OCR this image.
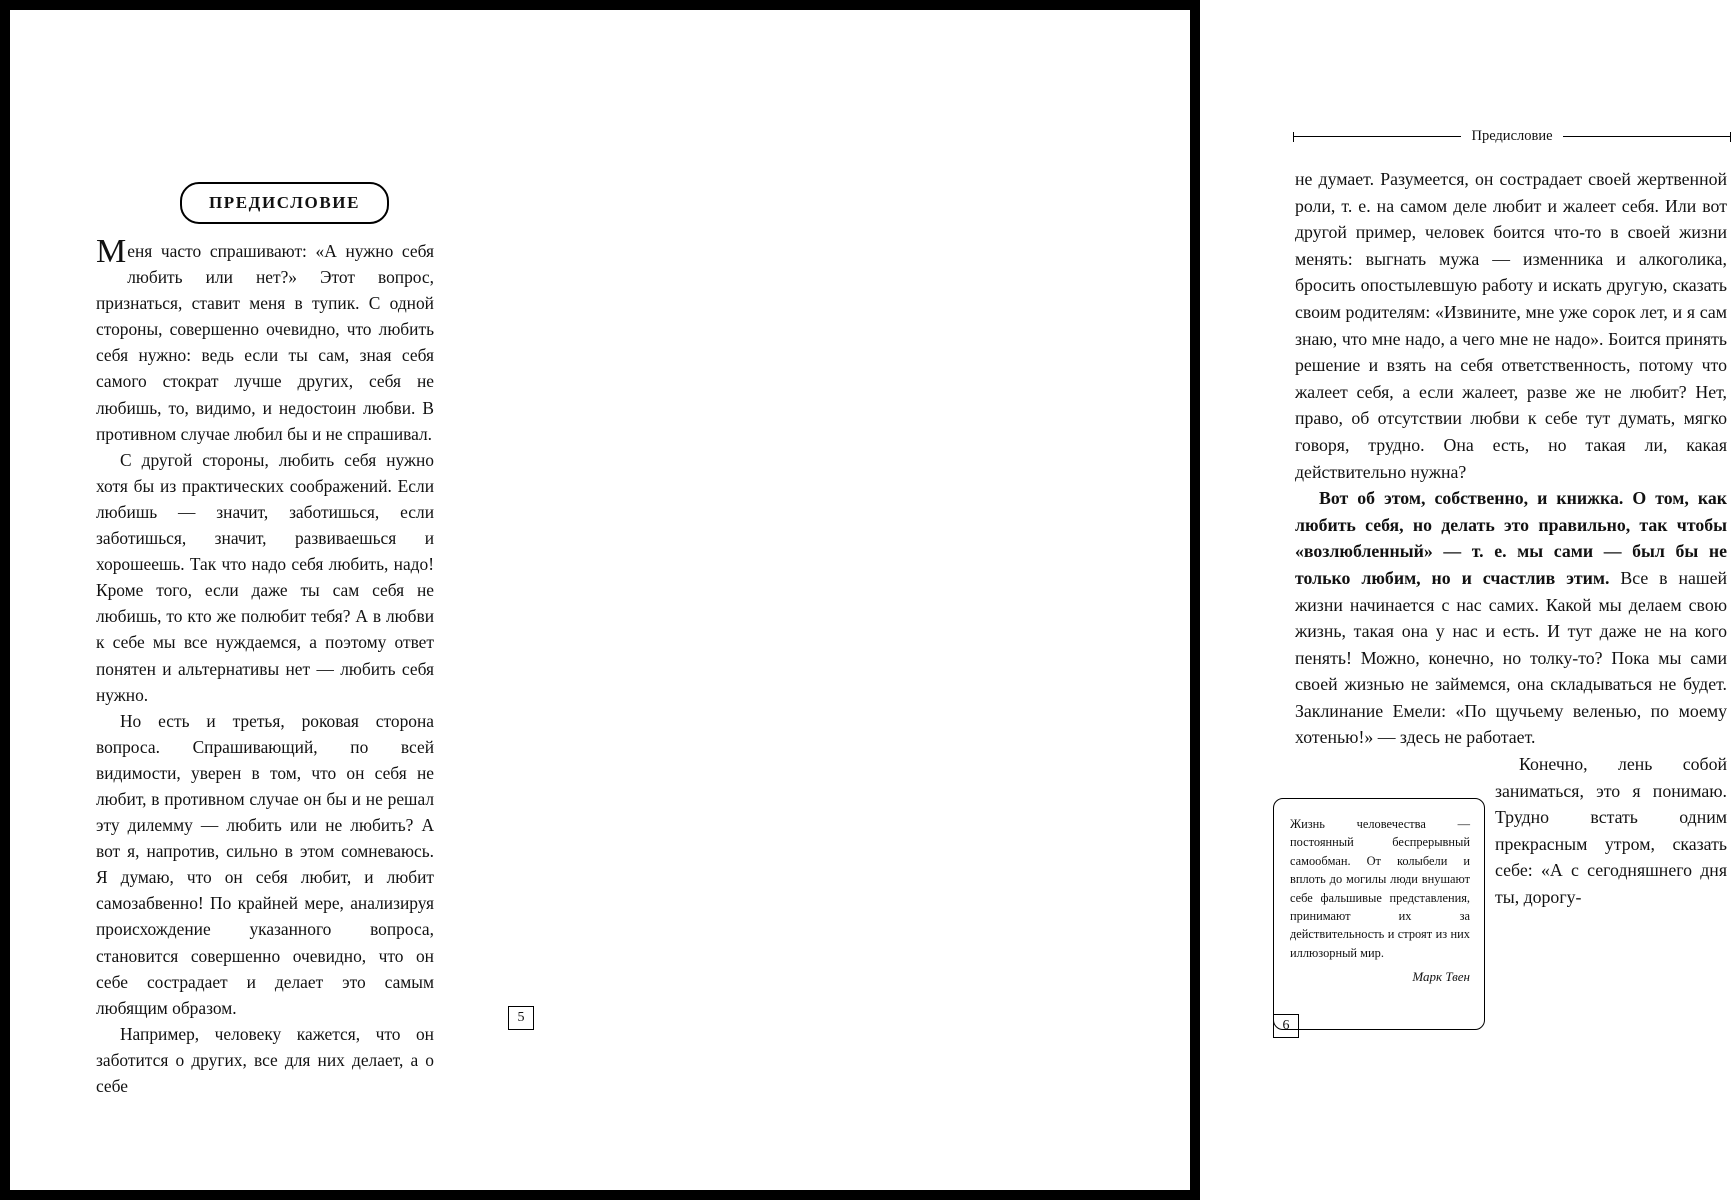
ПРЕДИСЛОВИЕ

Меня часто спрашивают: «А нужно себя любить или нет?» Этот вопрос, признаться, ставит меня в тупик. С одной стороны, совершенно очевидно, что любить себя нужно: ведь если ты сам, зная себя самого стократ лучше других, себя не любишь, то, видимо, и недостоин любви. В противном случае любил бы и не спрашивал.

С другой стороны, любить себя нужно хотя бы из практических соображений. Если любишь — значит, заботишься, если заботишься, значит, развиваешься и хорошеешь. Так что надо себя любить, надо! Кроме того, если даже ты сам себя не любишь, то кто же полюбит тебя? А в любви к себе мы все нуждаемся, а поэтому ответ понятен и альтернативы нет — любить себя нужно.

Но есть и третья, роковая сторона вопроса. Спрашивающий, по всей видимости, уверен в том, что он себя не любит, в противном случае он бы и не решал эту дилемму — любить или не любить? А вот я, напротив, сильно в этом сомневаюсь. Я думаю, что он себя любит, и любит самозабвенно! По крайней мере, анализируя происхождение указанного вопроса, становится совершенно очевидно, что он себе сострадает и делает это самым любящим образом.

Например, человеку кажется, что он заботится о других, все для них делает, а о себе

5
Предисловие

не думает. Разумеется, он сострадает своей жертвенной роли, т. е. на самом деле любит и жалеет себя. Или вот другой пример, человек боится что-то в своей жизни менять: выгнать мужа — изменника и алкоголика, бросить опостылевшую работу и искать другую, сказать своим родителям: «Извините, мне уже сорок лет, и я сам знаю, что мне надо, а чего мне не надо». Боится принять решение и взять на себя ответственность, потому что жалеет себя, а если жалеет, разве же не любит? Нет, право, об отсутствии любви к себе тут думать, мягко говоря, трудно. Она есть, но такая ли, какая действительно нужна?

Вот об этом, собственно, и книжка. О том, как любить себя, но делать это правильно, так чтобы «возлюбленный» — т. е. мы сами — был бы не только любим, но и счастлив этим. Все в нашей жизни начинается с нас самих. Какой мы делаем свою жизнь, такая она у нас и есть. И тут даже не на кого пенять! Можно, конечно, но толку-то? Пока мы сами своей жизнью не займемся, она складываться не будет. Заклинание Емели: «По щучьему веленью, по моему хотенью!» — здесь не работает.

Конечно, лень собой заниматься, это я понимаю. Трудно встать одним прекрасным утром, сказать себе: «А с сегодняшнего дня ты, дорогу-

Жизнь человечества — постоянный беспрерывный самообман. От колыбели и вплоть до могилы люди внушают себе фальшивые представления, принимают их за действительность и строят из них иллюзорный мир.
Марк Твен
6
